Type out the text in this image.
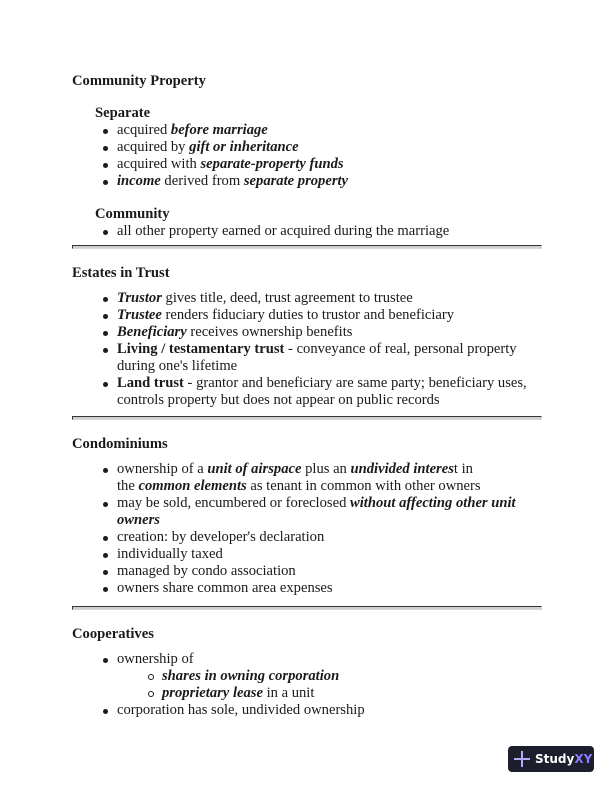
Community Property
Separate
acquired before marriage
acquired by gift or inheritance
acquired with separate-property funds
income derived from separate property
Community
all other property earned or acquired during the marriage
Estates in Trust
Trustor gives title, deed, trust agreement to trustee
Trustee renders fiduciary duties to trustor and beneficiary
Beneficiary receives ownership benefits
Living / testamentary trust - conveyance of real, personal property during one's lifetime
Land trust - grantor and beneficiary are same party; beneficiary uses, controls property but does not appear on public records
Condominiums
ownership of a unit of airspace plus an undivided interest in
the common elements as tenant in common with other owners
may be sold, encumbered or foreclosed without affecting other unit owners
creation: by developer's declaration
individually taxed
managed by condo association
owners share common area expenses
Cooperatives
ownership of
shares in owning corporation
proprietary lease in a unit
corporation has sole, undivided ownership
StudyXY
